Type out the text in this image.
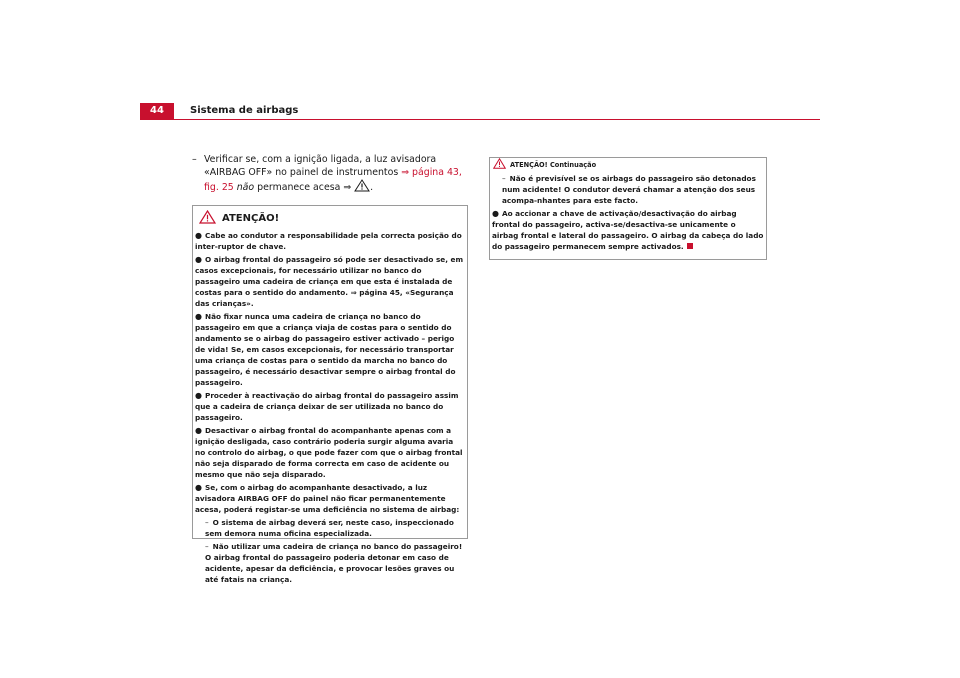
44	Sistema de airbags
– Verificar se, com a ignição ligada, a luz avisadora «AIRBAG OFF» no painel de instrumentos ⇒ página 43, fig. 25 não permanece acesa ⇒ .
ATENÇÃO!
● Cabe ao condutor a responsabilidade pela correcta posição do inter-ruptor de chave.
● O airbag frontal do passageiro só pode ser desactivado se, em casos excepcionais, for necessário utilizar no banco do passageiro uma cadeira de criança em que esta é instalada de costas para o sentido do andamento. ⇒ página 45, «Segurança das crianças».
● Não fixar nunca uma cadeira de criança no banco do passageiro em que a criança viaja de costas para o sentido do andamento se o airbag do passageiro estiver activado – perigo de vida! Se, em casos excepcionais, for necessário transportar uma criança de costas para o sentido da marcha no banco do passageiro, é necessário desactivar sempre o airbag frontal do passageiro.
● Proceder à reactivação do airbag frontal do passageiro assim que a cadeira de criança deixar de ser utilizada no banco do passageiro.
● Desactivar o airbag frontal do acompanhante apenas com a ignição desligada, caso contrário poderia surgir alguma avaria no controlo do airbag, o que pode fazer com que o airbag frontal não seja disparado de forma correcta em caso de acidente ou mesmo que não seja disparado.
● Se, com o airbag do acompanhante desactivado, a luz avisadora AIRBAG OFF do painel não ficar permanentemente acesa, poderá registar-se uma deficiência no sistema de airbag:
– O sistema de airbag deverá ser, neste caso, inspeccionado sem demora numa oficina especializada.
– Não utilizar uma cadeira de criança no banco do passageiro! O airbag frontal do passageiro poderia detonar em caso de acidente, apesar da deficiência, e provocar lesões graves ou até fatais na criança.
ATENÇÃO! Continuação
– Não é previsível se os airbags do passageiro são detonados num acidente! O condutor deverá chamar a atenção dos seus acompa-nhantes para este facto.
● Ao accionar a chave de activação/desactivação do airbag frontal do passageiro, activa-se/desactiva-se unicamente o airbag frontal e lateral do passageiro. O airbag da cabeça do lado do passageiro permanecem sempre activados.
